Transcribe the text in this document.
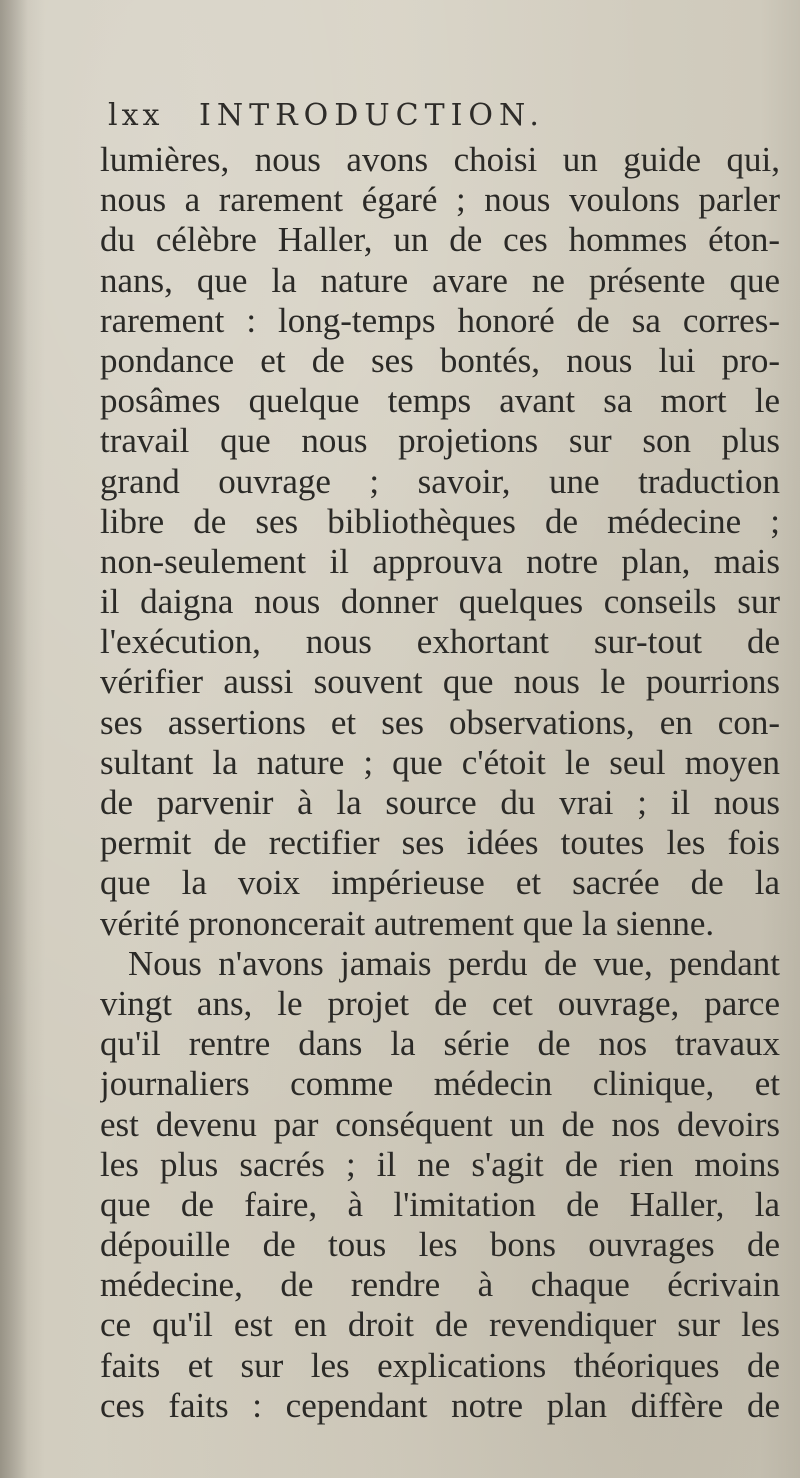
lxx INTRODUCTION.
lumières, nous avons choisi un guide qui,
nous a rarement égaré ; nous voulons parler
du célèbre Haller, un de ces hommes éton-
nans, que la nature avare ne présente que
rarement : long-temps honoré de sa corres-
pondance et de ses bontés, nous lui pro-
posâmes quelque temps avant sa mort le
travail que nous projetions sur son plus
grand ouvrage ; savoir, une traduction
libre de ses bibliothèques de médecine ;
non-seulement il approuva notre plan, mais
il daigna nous donner quelques conseils sur
l'exécution, nous exhortant sur-tout de
vérifier aussi souvent que nous le pourrions
ses assertions et ses observations, en con-
sultant la nature ; que c'étoit le seul moyen
de parvenir à la source du vrai ; il nous
permit de rectifier ses idées toutes les fois
que la voix impérieuse et sacrée de la
vérité prononcerait autrement que la sienne.
Nous n'avons jamais perdu de vue, pendant
vingt ans, le projet de cet ouvrage, parce
qu'il rentre dans la série de nos travaux
journaliers comme médecin clinique, et
est devenu par conséquent un de nos devoirs
les plus sacrés ; il ne s'agit de rien moins
que de faire, à l'imitation de Haller, la
dépouille de tous les bons ouvrages de
médecine, de rendre à chaque écrivain
ce qu'il est en droit de revendiquer sur les
faits et sur les explications théoriques de
ces faits : cependant notre plan diffère de
